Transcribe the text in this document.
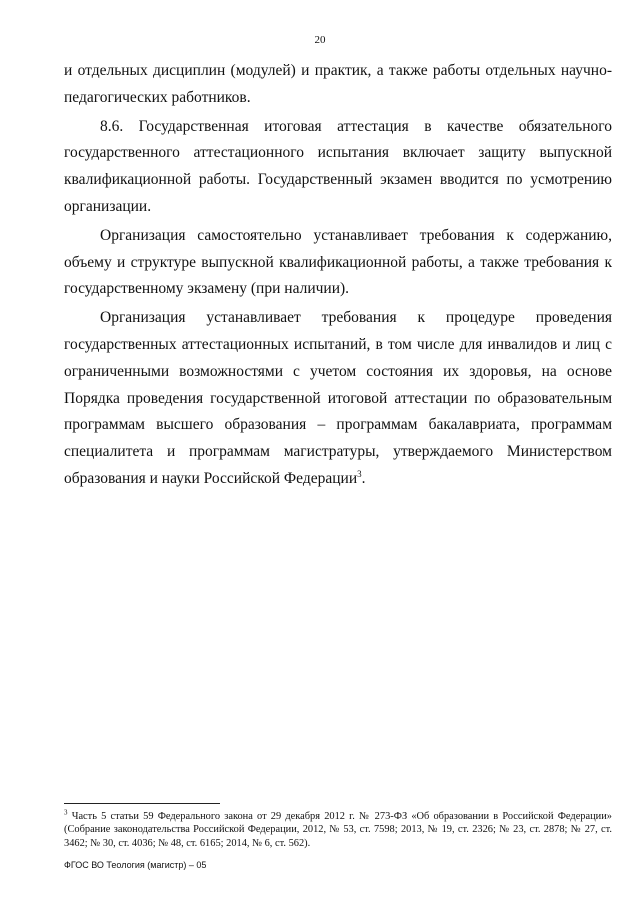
20

и отдельных дисциплин (модулей) и практик, а также работы отдельных научно-педагогических работников.

8.6. Государственная итоговая аттестация в качестве обязательного государственного аттестационного испытания включает защиту выпускной квалификационной работы. Государственный экзамен вводится по усмотрению организации.

Организация самостоятельно устанавливает требования к содержанию, объему и структуре выпускной квалификационной работы, а также требования к государственному экзамену (при наличии).

Организация устанавливает требования к процедуре проведения государственных аттестационных испытаний, в том числе для инвалидов и лиц с ограниченными возможностями с учетом состояния их здоровья, на основе Порядка проведения государственной итоговой аттестации по образовательным программам высшего образования – программам бакалавриата, программам специалитета и программам магистратуры, утверждаемого Министерством образования и науки Российской Федерации$^3$.

$^3$ Часть 5 статьи 59 Федерального закона от 29 декабря 2012 г. № 273-ФЗ «Об образовании в Российской Федерации» (Собрание законодательства Российской Федерации, 2012, № 53, ст. 7598; 2013, № 19, ст. 2326; № 23, ст. 2878; № 27, ст. 3462; № 30, ст. 4036; № 48, ст. 6165; 2014, № 6, ст. 562).
ФГОС ВО Теология (магистр) – 05
